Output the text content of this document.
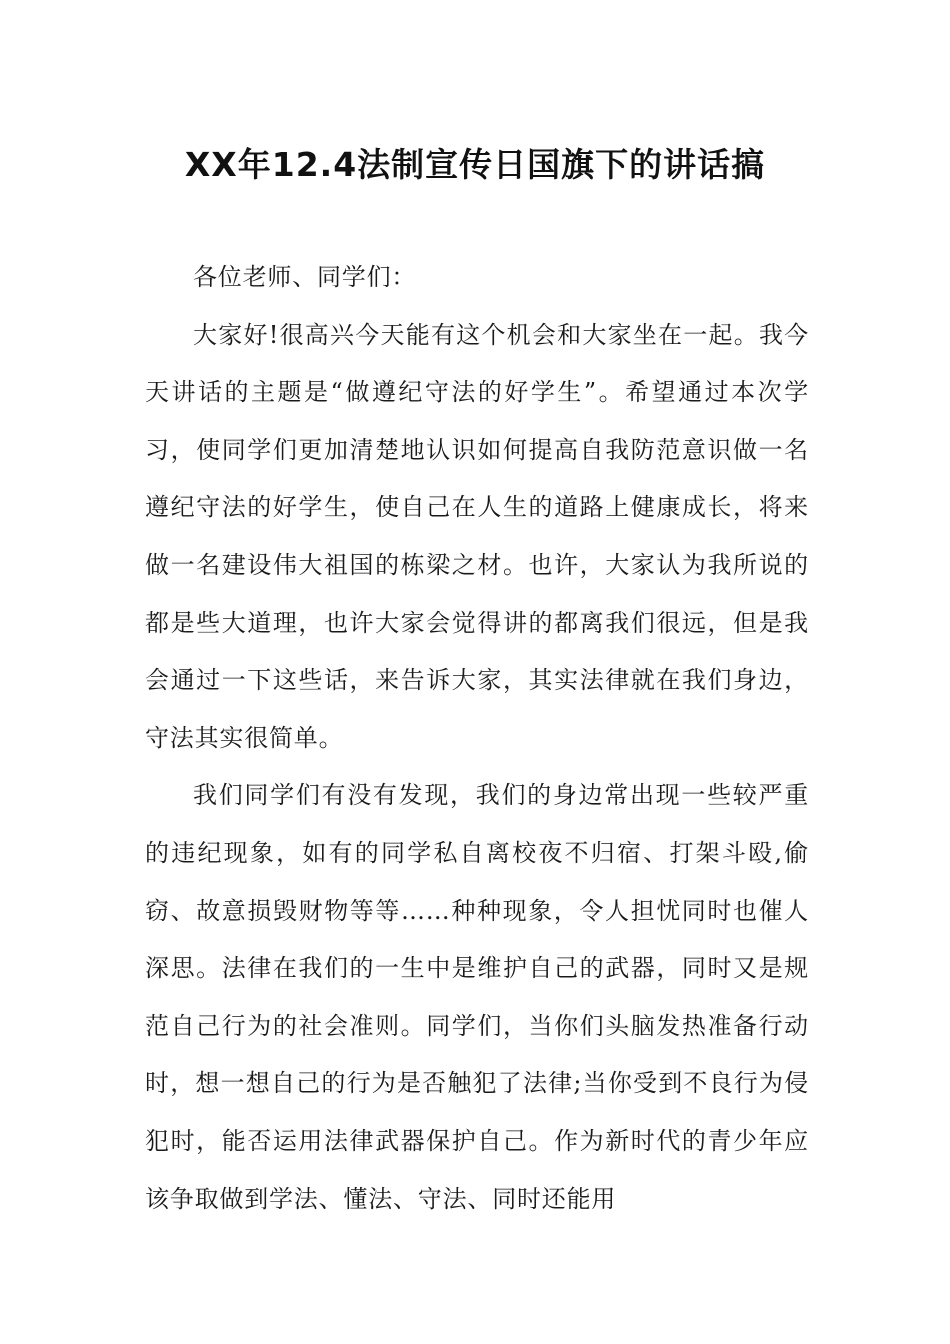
XX年12.4法制宣传日国旗下的讲话搞

各位老师、同学们：

大家好!很高兴今天能有这个机会和大家坐在一起。我今天讲话的主题是“做遵纪守法的好学生”。希望通过本次学习，使同学们更加清楚地认识如何提高自我防范意识做一名遵纪守法的好学生，使自己在人生的道路上健康成长，将来做一名建设伟大祖国的栋梁之材。也许，大家认为我所说的都是些大道理，也许大家会觉得讲的都离我们很远，但是我会通过一下这些话，来告诉大家，其实法律就在我们身边，守法其实很简单。

我们同学们有没有发现，我们的身边常出现一些较严重的违纪现象，如有的同学私自离校夜不归宿、打架斗殴,偷窃、故意损毁财物等等……种种现象，令人担忧同时也催人深思。法律在我们的一生中是维护自己的武器，同时又是规范自己行为的社会准则。同学们，当你们头脑发热准备行动时，想一想自己的行为是否触犯了法律;当你受到不良行为侵犯时，能否运用法律武器保护自己。作为新时代的青少年应该争取做到学法、懂法、守法、同时还能用
